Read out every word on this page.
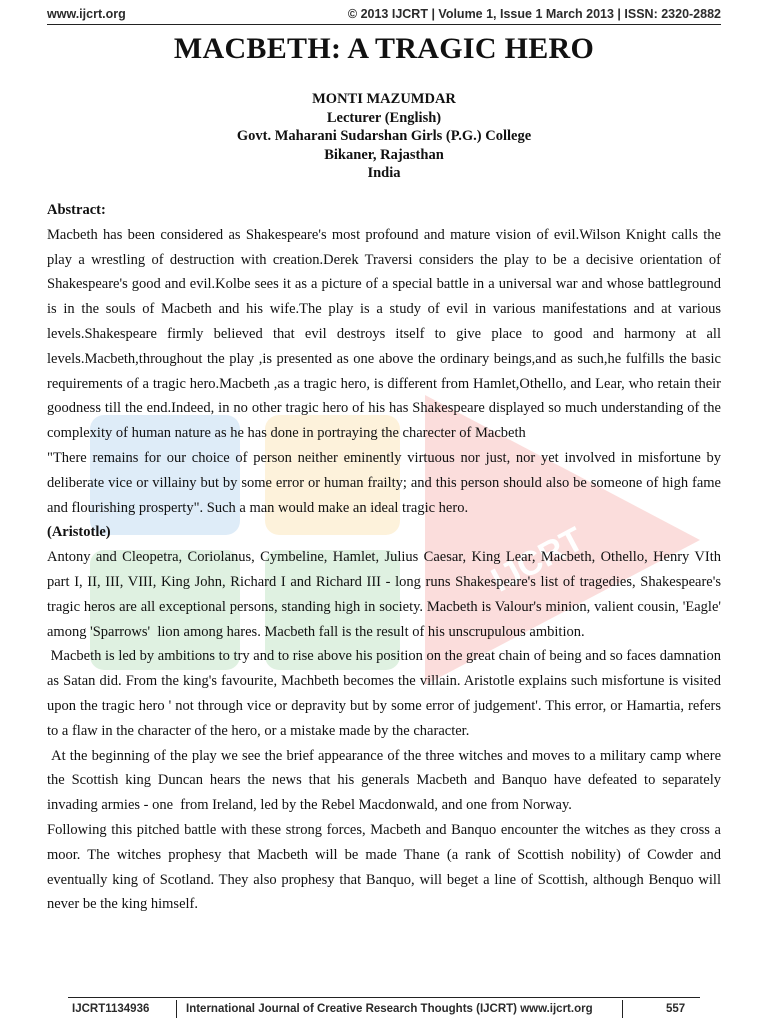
www.ijcrt.org	© 2013 IJCRT | Volume 1, Issue 1 March 2013 | ISSN: 2320-2882
IJCRT
MACBETH: A TRAGIC HERO
MONTI MAZUMDAR
Lecturer (English)
Govt. Maharani Sudarshan Girls (P.G.) College
Bikaner, Rajasthan
India

Abstract:

Macbeth has been considered as Shakespeare's most profound and mature vision of evil.Wilson Knight calls the play a wrestling of destruction with creation.Derek Traversi considers the play to be a decisive orientation of Shakespeare's good and evil.Kolbe sees it as a picture of a special battle in a universal war and whose battleground is in the souls of Macbeth and his wife.The play is a study of evil in various manifestations and at various levels.Shakespeare firmly believed that evil destroys itself to give place to good and harmony at all levels.Macbeth,throughout the play ,is presented as one above the ordinary beings,and as such,he fulfills the basic requirements of a tragic hero.Macbeth ,as a tragic hero, is different from Hamlet,Othello, and Lear, who retain their goodness till the end.Indeed, in no other tragic hero of his has Shakespeare displayed so much understanding of the complexity of human nature as he has done in portraying the charecter of Macbeth

"There remains for our choice of person neither eminently virtuous nor just, nor yet involved in misfortune by deliberate vice or villainy but by some error or human frailty; and this person should also be someone of high fame and flourishing prosperty". Such a man would make an ideal tragic hero.

(Aristotle)

Antony and Cleopetra, Coriolanus, Cymbeline, Hamlet, Julius Caesar, King Lear, Macbeth, Othello, Henry VIth part I, II, III, VIII, King John, Richard I and Richard III - long runs Shakespeare's list of tragedies, Shakespeare's tragic heros are all exceptional persons, standing high in society. Macbeth is Valour's minion, valient cousin, 'Eagle' among 'Sparrows'  lion among hares. Macbeth fall is the result of his unscrupulous ambition.

Macbeth is led by ambitions to try and to rise above his position on the great chain of being and so faces damnation as Satan did. From the king's favourite, Machbeth becomes the villain. Aristotle explains such misfortune is visited upon the tragic hero ' not through vice or depravity but by some error of judgement'. This error, or Hamartia, refers to a flaw in the character of the hero, or a mistake made by the character.

At the beginning of the play we see the brief appearance of the three witches and moves to a military camp where the Scottish king Duncan hears the news that his generals Macbeth and Banquo have defeated to separately invading armies - one  from Ireland, led by the Rebel Macdonwald, and one from Norway.

Following this pitched battle with these strong forces, Macbeth and Banquo encounter the witches as they cross a moor. The witches prophesy that Macbeth will be made Thane (a rank of Scottish nobility) of Cowder and eventually king of Scotland. They also prophesy that Banquo, will beget a line of Scottish, although Benquo will never be the king himself.

IJCRT1134936	International Journal of Creative Research Thoughts (IJCRT) www.ijcrt.org	557
